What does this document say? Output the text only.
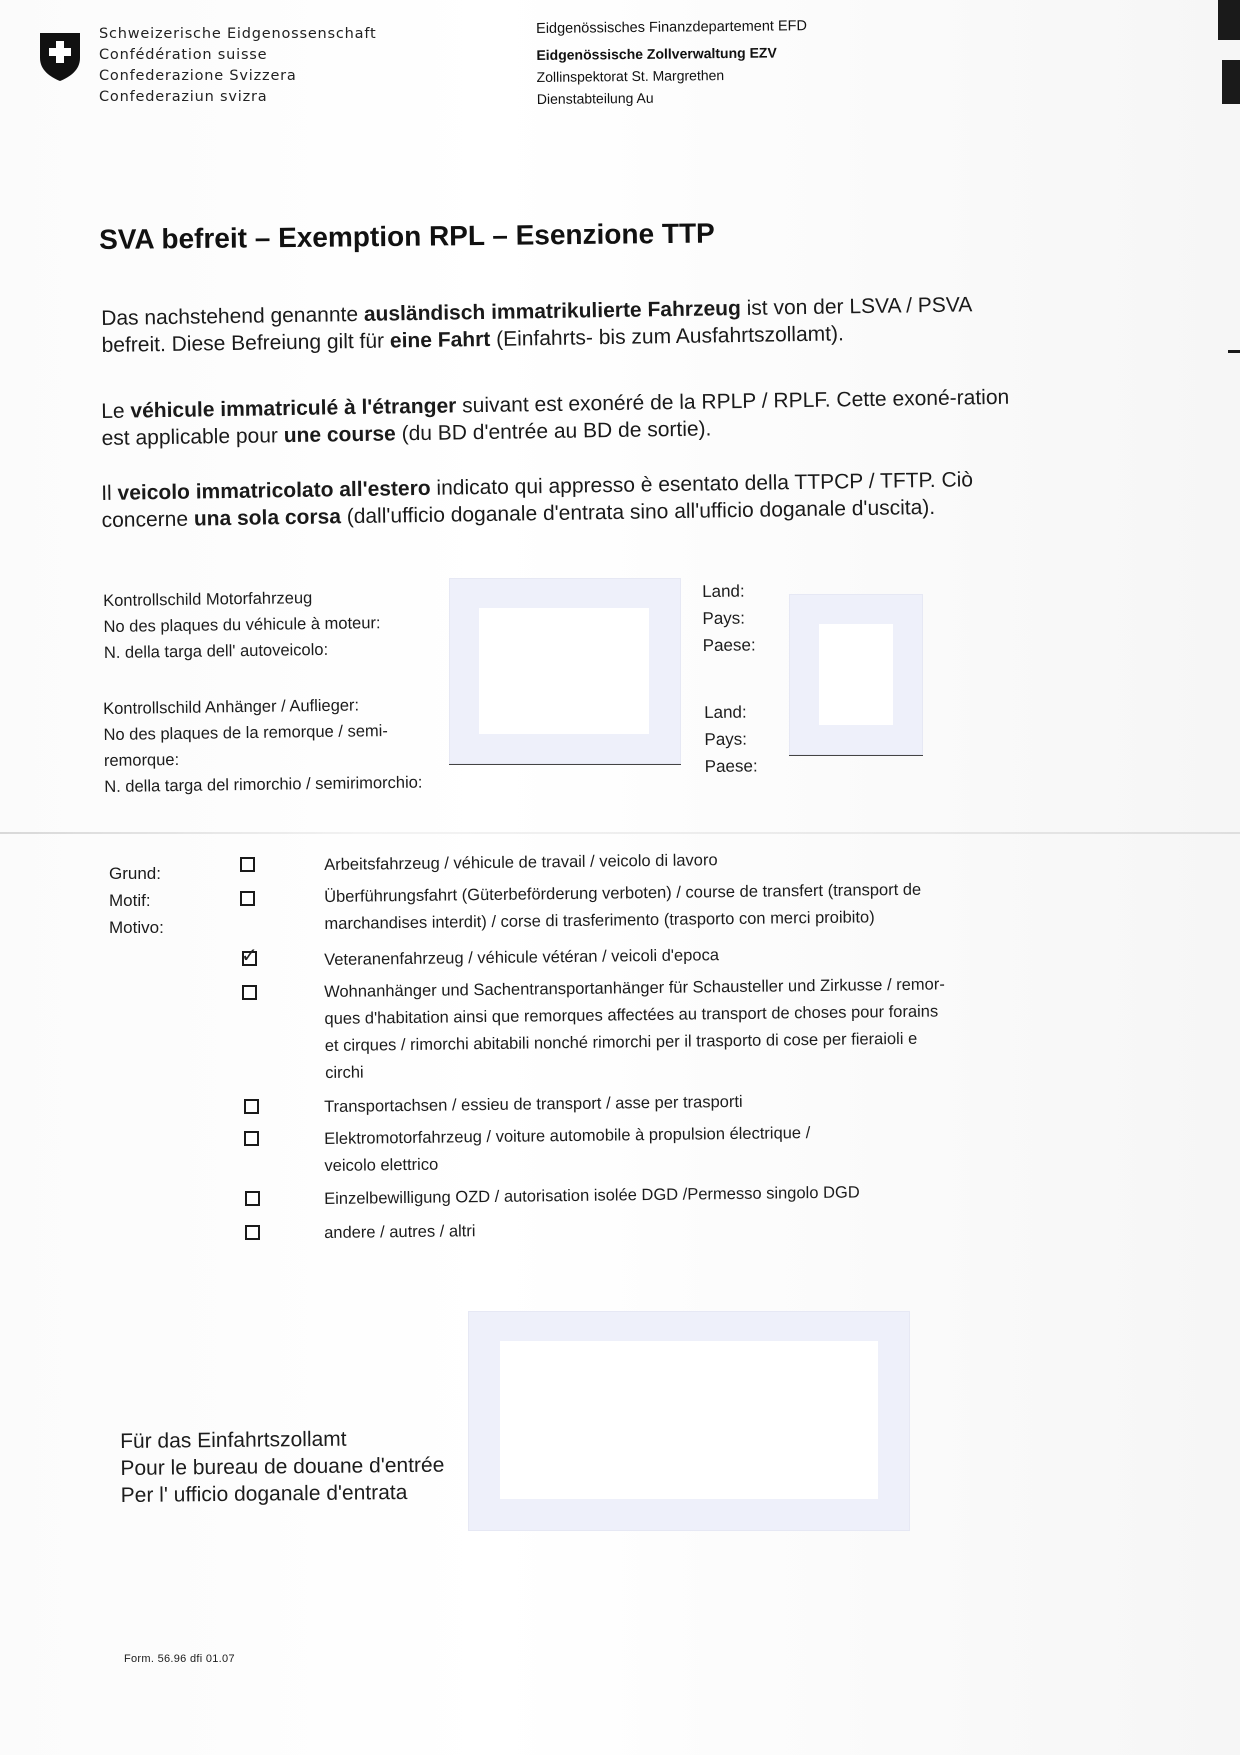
Schweizerische Eidgenossenschaft
Confédération suisse
Confederazione Svizzera
Confederaziun svizra
Eidgenössisches Finanzdepartement EFD
Eidgenössische Zollverwaltung EZV
Zollinspektorat St. Margrethen
Dienstabteilung Au
SVA befreit – Exemption RPL – Esenzione TTP
Das nachstehend genannte ausländisch immatrikulierte Fahrzeug ist von der LSVA / PSVA befreit. Diese Befreiung gilt für eine Fahrt (Einfahrts- bis zum Ausfahrtszollamt).
Le véhicule immatriculé à l'étranger suivant est exonéré de la RPLP / RPLF. Cette exoné-ration est applicable pour une course (du BD d'entrée au BD de sortie).
Il veicolo immatricolato all'estero indicato qui appresso è esentato della TTPCP / TFTP. Ciò concerne una sola corsa (dall'ufficio doganale d'entrata sino all'ufficio doganale d'uscita).
Kontrollschild Motorfahrzeug
No des plaques du véhicule à moteur:
N. della targa dell' autoveicolo:
Land:
Pays:
Paese:
Kontrollschild Anhänger / Auflieger:
No des plaques de la remorque / semi-
remorque:
N. della targa del rimorchio / semirimorchio:
Land:
Pays:
Paese:
Grund:
Motif:
Motivo:
Arbeitsfahrzeug / véhicule de travail / veicolo di lavoro
Überführungsfahrt (Güterbeförderung verboten) / course de transfert (transport de
marchandises interdit) / corse di trasferimento (trasporto con merci proibito)
✓	Veteranenfahrzeug / véhicule vétéran / veicoli d'epoca
Wohnanhänger und Sachentransportanhänger für Schausteller und Zirkusse / remor-
ques d'habitation ainsi que remorques affectées au transport de choses pour forains
et cirques / rimorchi abitabili nonché rimorchi per il trasporto di cose per fieraioli e
circhi
Transportachsen / essieu de transport / asse per trasporti
Elektromotorfahrzeug / voiture automobile à propulsion électrique /
veicolo elettrico
Einzelbewilligung OZD / autorisation isolée DGD /Permesso singolo DGD
andere / autres / altri
Für das Einfahrtszollamt
Pour le bureau de douane d'entrée
Per l' ufficio doganale d'entrata
Form. 56.96 dfi 01.07
